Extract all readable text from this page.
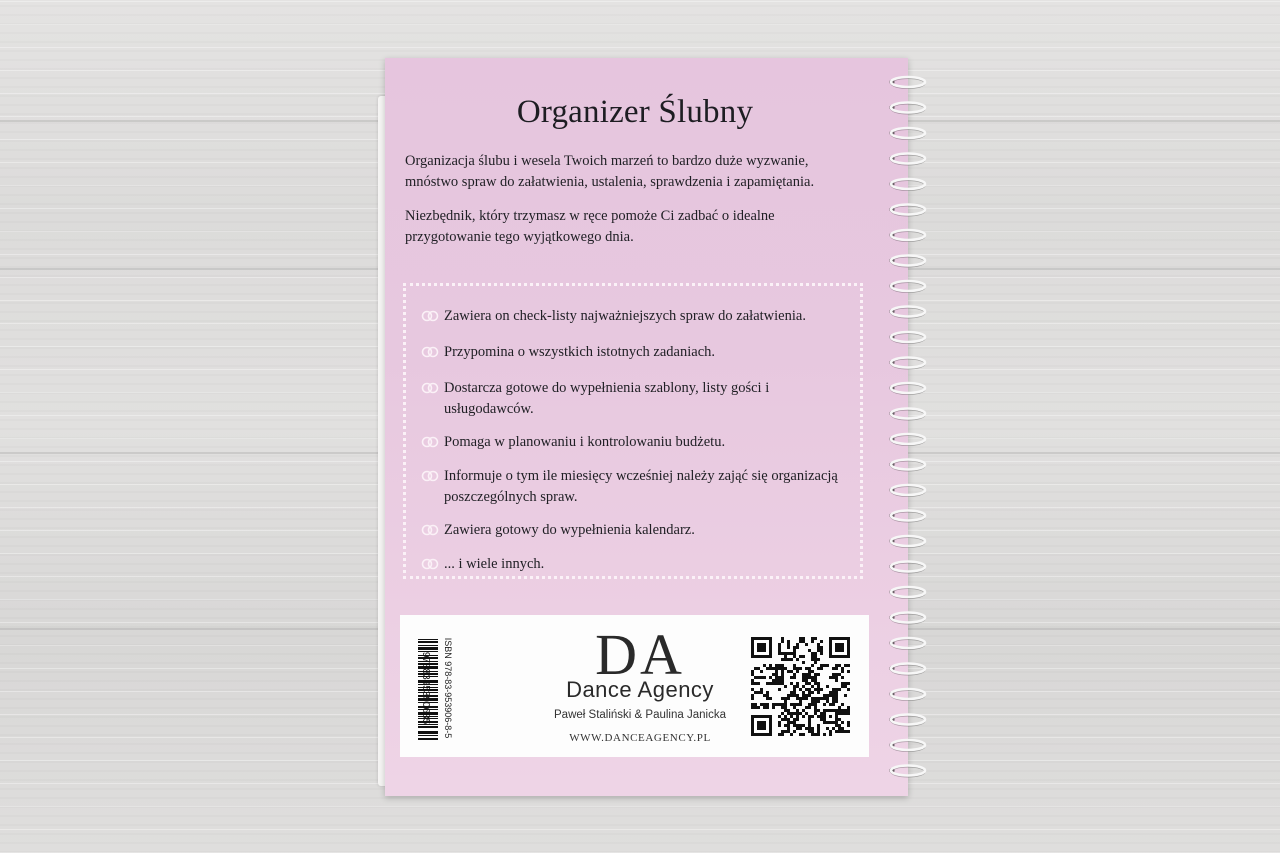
Organizer Ślubny

Organizacja ślubu i wesela Twoich marzeń to bardzo duże wyzwanie, mnóstwo spraw do załatwienia, ustalenia, sprawdzenia i zapamiętania.

Niezbędnik, który trzymasz w ręce pomoże Ci zadbać o idealne przygotowanie tego wyjątkowego dnia.

Zawiera on check-listy najważniejszych spraw do załatwienia.
Przypomina o wszystkich istotnych zadaniach.
Dostarcza gotowe do wypełnienia szablony, listy gości i usługodawców.
Pomaga w planowaniu i kontrolowaniu budżetu.
Informuje o tym ile miesięcy wcześniej należy zająć się organizacją poszczególnych spraw.
Zawiera gotowy do wypełnienia kalendarz.
... i wiele innych.
ISBN 978-83-953906-8-5
9788395390685	DA
Dance Agency
Paweł Staliński & Paulina Janicka
WWW.DANCEAGENCY.PL
